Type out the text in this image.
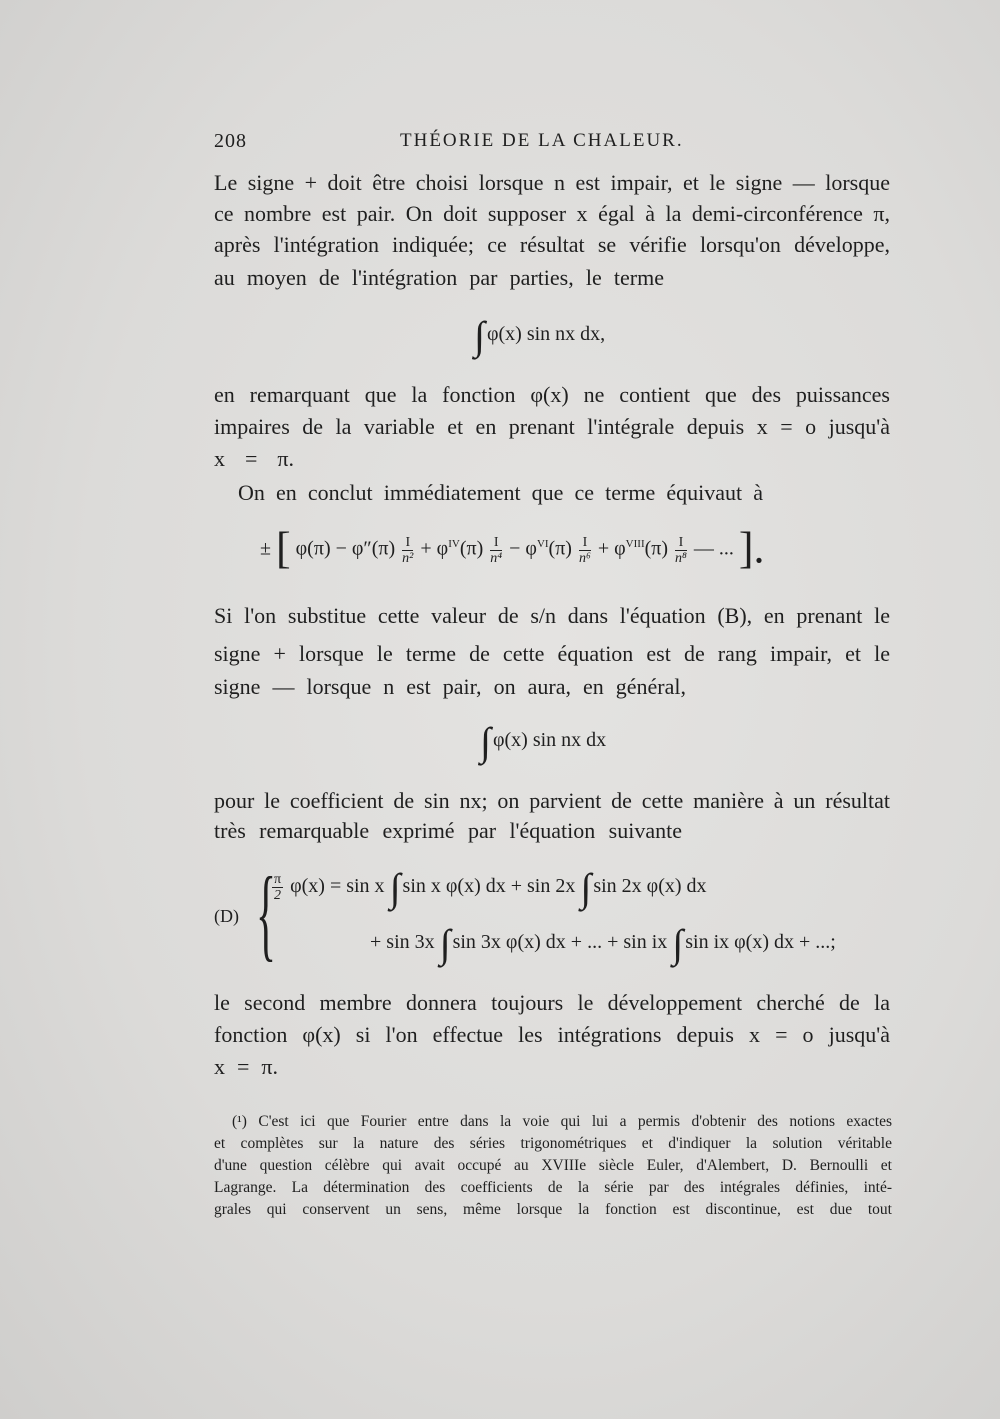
208	THÉORIE DE LA CHALEUR.
Le signe + doit être choisi lorsque n est impair, et le signe — lorsque
ce nombre est pair. On doit supposer x égal à la demi-circonférence π,
après l'intégration indiquée; ce résultat se vérifie lorsqu'on développe,
au moyen de l'intégration par parties, le terme
∫ φ(x) sin nx dx,
en remarquant que la fonction φ(x) ne contient que des puissances
impaires de la variable et en prenant l'intégrale depuis x = o jusqu'à
x = π.
On en conclut immédiatement que ce terme équivaut à
± [ $\varphi(\pi) - \varphi''(\pi) \frac{I}{\text{n²}} + \varphi^{IV}(\pi) \frac{I}{\text{n⁴}} - \varphi^{VI}(\pi) \frac{I}{\text{n⁶}} + \varphi^{VIII}(\pi) \frac{I}{\text{n⁸}}$ — ... ].
Si l'on substitue cette valeur de s/n dans l'équation (B), en prenant le
signe + lorsque le terme de cette équation est de rang impair, et le
signe — lorsque n est pair, on aura, en général,
∫ φ(x) sin nx dx
pour le coefficient de sin nx; on parvient de cette manière à un résultat
très remarquable exprimé par l'équation suivante
(D) {
$\frac{\pi}{2} \varphi(x) = \sin x$ ∫ sin x φ(x) dx + sin 2x ∫ sin 2x φ(x) dx
+ sin 3x ∫ sin 3x φ(x) dx + ... + sin ix ∫ sin ix φ(x) dx + ...;
le second membre donnera toujours le développement cherché de la
fonction φ(x) si l'on effectue les intégrations depuis x = o jusqu'à
x = π.
(¹) C'est ici que Fourier entre dans la voie qui lui a permis d'obtenir des notions exactes
et complètes sur la nature des séries trigonométriques et d'indiquer la solution véritable
d'une question célèbre qui avait occupé au XVIIIe siècle Euler, d'Alembert, D. Bernoulli et
Lagrange. La détermination des coefficients de la série par des intégrales définies, inté-
grales qui conservent un sens, même lorsque la fonction est discontinue, est due tout
